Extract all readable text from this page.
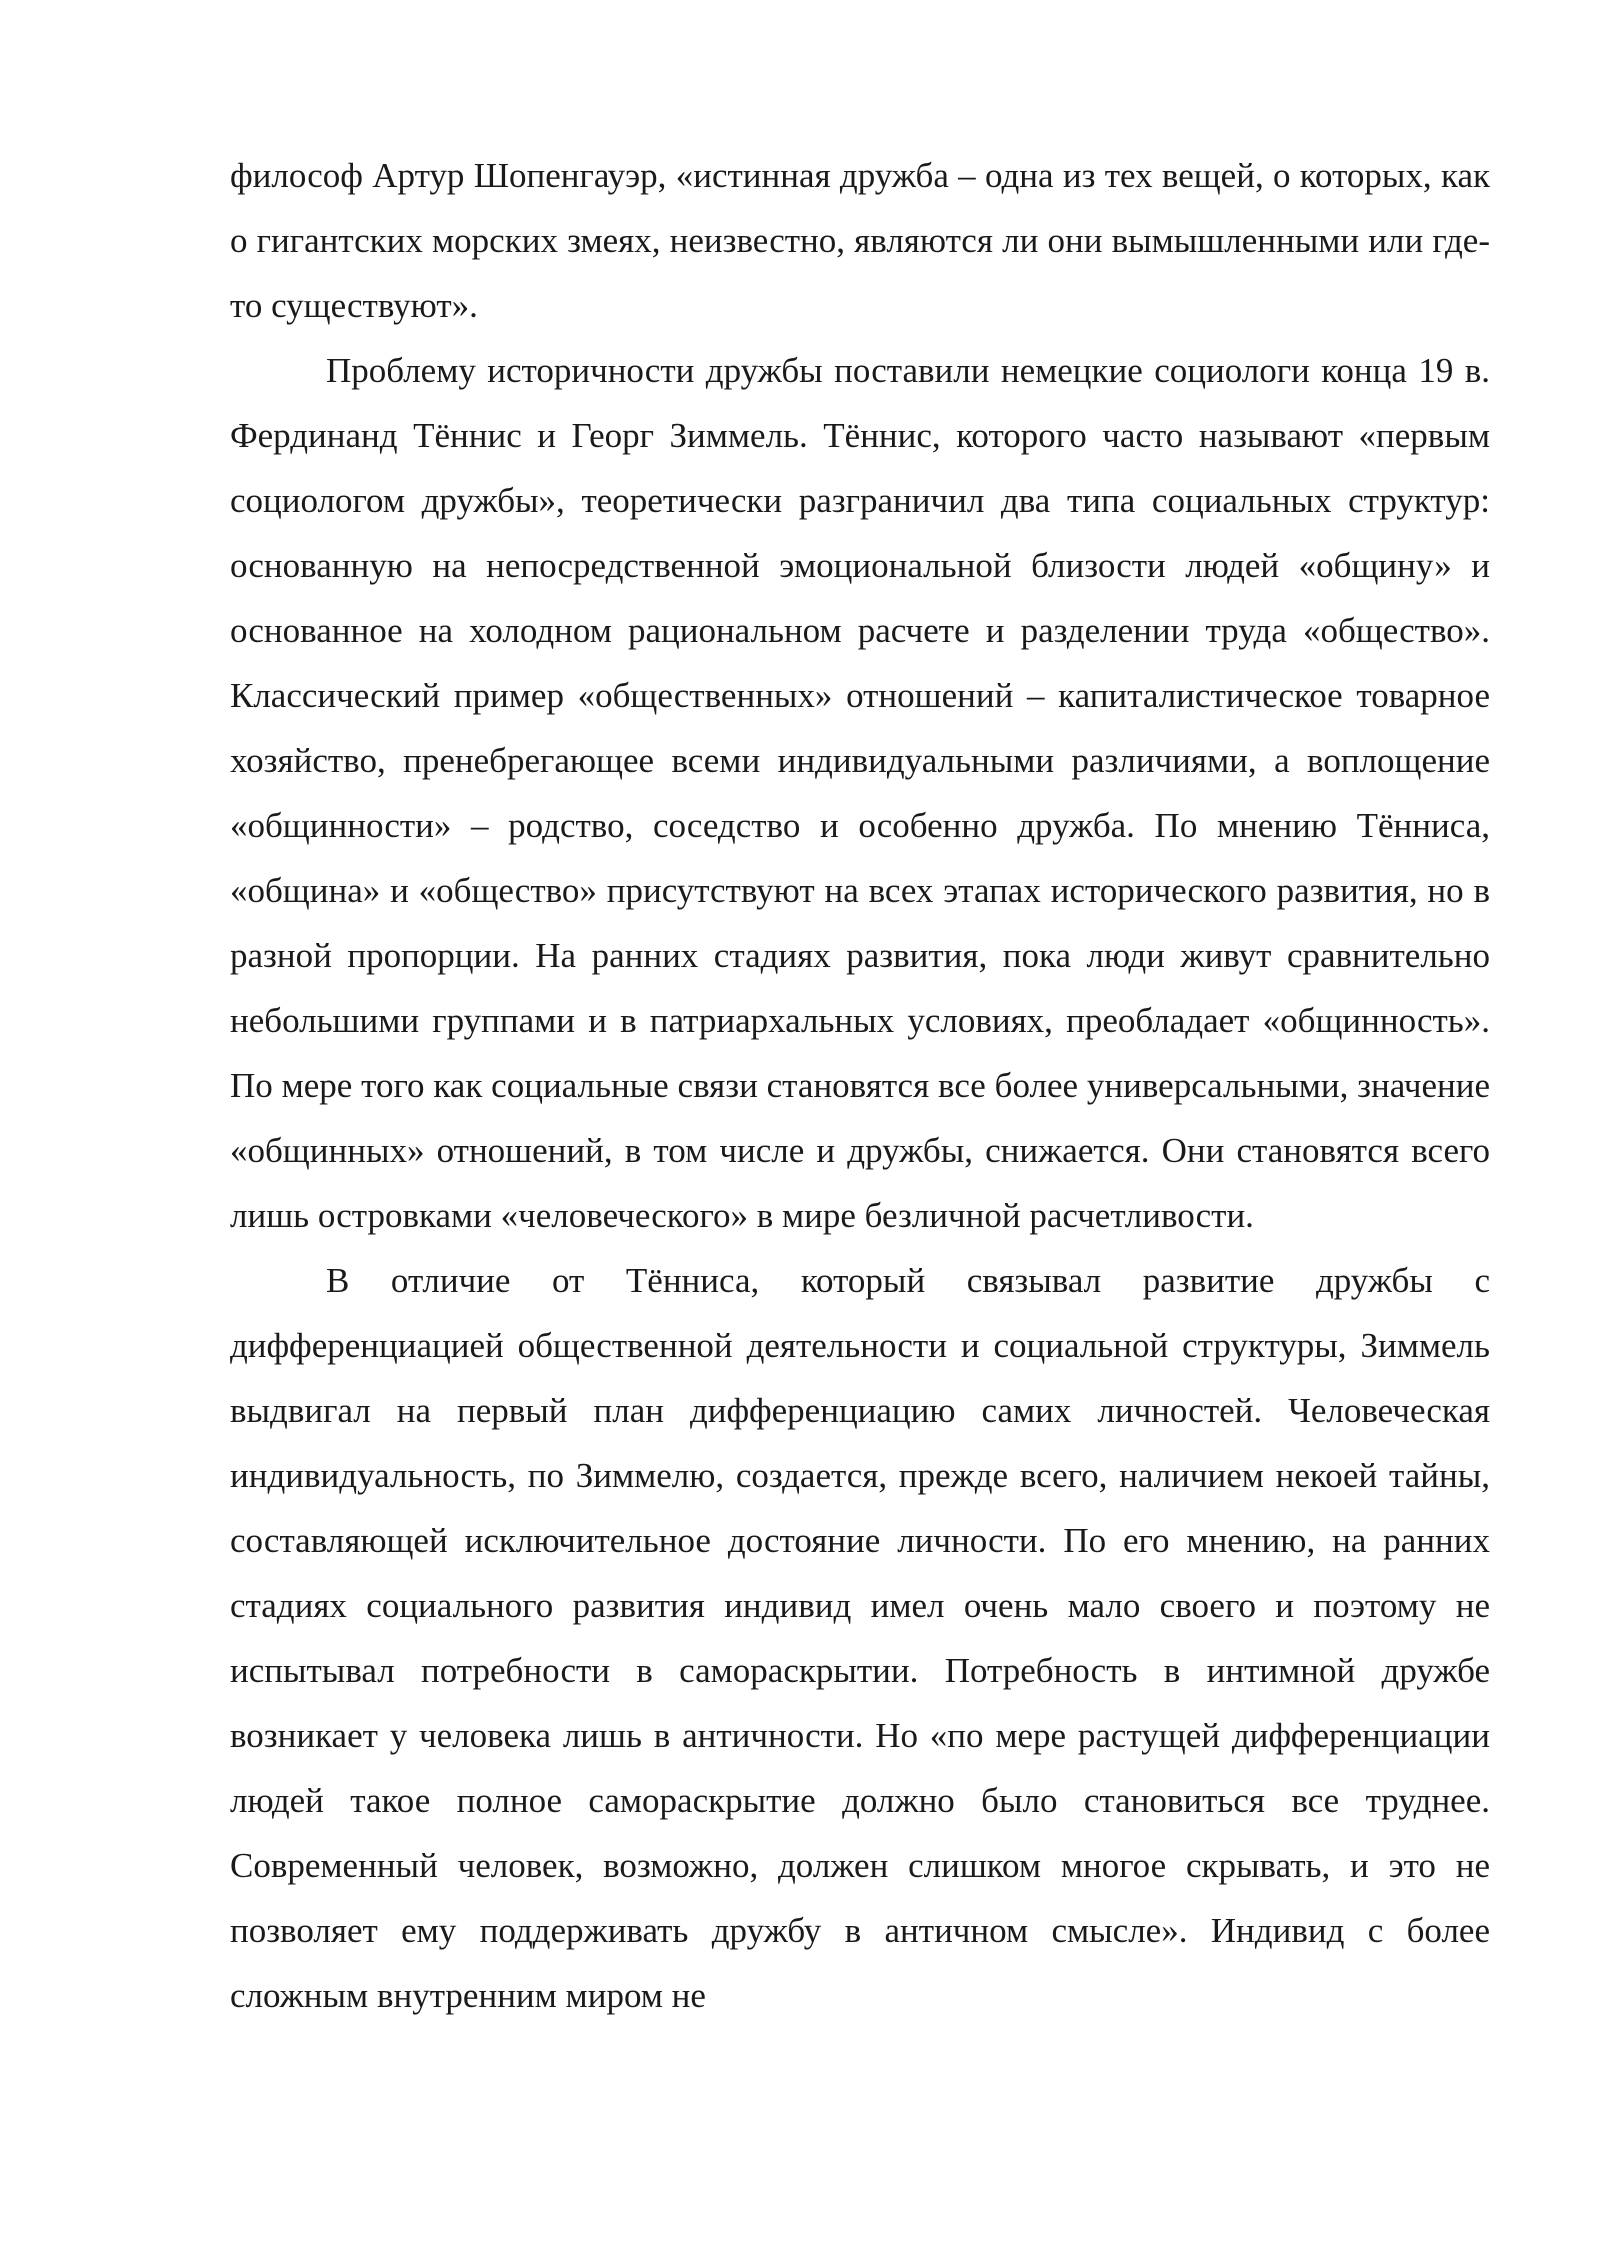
философ Артур Шопенгауэр, «истинная дружба – одна из тех вещей, о которых, как о гигантских морских змеях, неизвестно, являются ли они вымышленными или где-то существуют».

Проблему историчности дружбы поставили немецкие социологи конца 19 в. Фердинанд Тённис и Георг Зиммель. Тённис, которого часто называют «первым социологом дружбы», теоретически разграничил два типа социальных структур: основанную на непосредственной эмоциональной близости людей «общину» и основанное на холодном рациональном расчете и разделении труда «общество». Классический пример «общественных» отношений – капиталистическое товарное хозяйство, пренебрегающее всеми индивидуальными различиями, а воплощение «общинности» – родство, соседство и особенно дружба. По мнению Тённиса, «община» и «общество» присутствуют на всех этапах исторического развития, но в разной пропорции. На ранних стадиях развития, пока люди живут сравнительно небольшими группами и в патриархальных условиях, преобладает «общинность». По мере того как социальные связи становятся все более универсальными, значение «общинных» отношений, в том числе и дружбы, снижается. Они становятся всего лишь островками «человеческого» в мире безличной расчетливости.

В отличие от Тённиса, который связывал развитие дружбы с дифференциацией общественной деятельности и социальной структуры, Зиммель выдвигал на первый план дифференциацию самих личностей. Человеческая индивидуальность, по Зиммелю, создается, прежде всего, наличием некоей тайны, составляющей исключительное достояние личности. По его мнению, на ранних стадиях социального развития индивид имел очень мало своего и поэтому не испытывал потребности в самораскрытии. Потребность в интимной дружбе возникает у человека лишь в античности. Но «по мере растущей дифференциации людей такое полное самораскрытие должно было становиться все труднее. Современный человек, возможно, должен слишком многое скрывать, и это не позволяет ему поддерживать дружбу в античном смысле». Индивид с более сложным внутренним миром не
